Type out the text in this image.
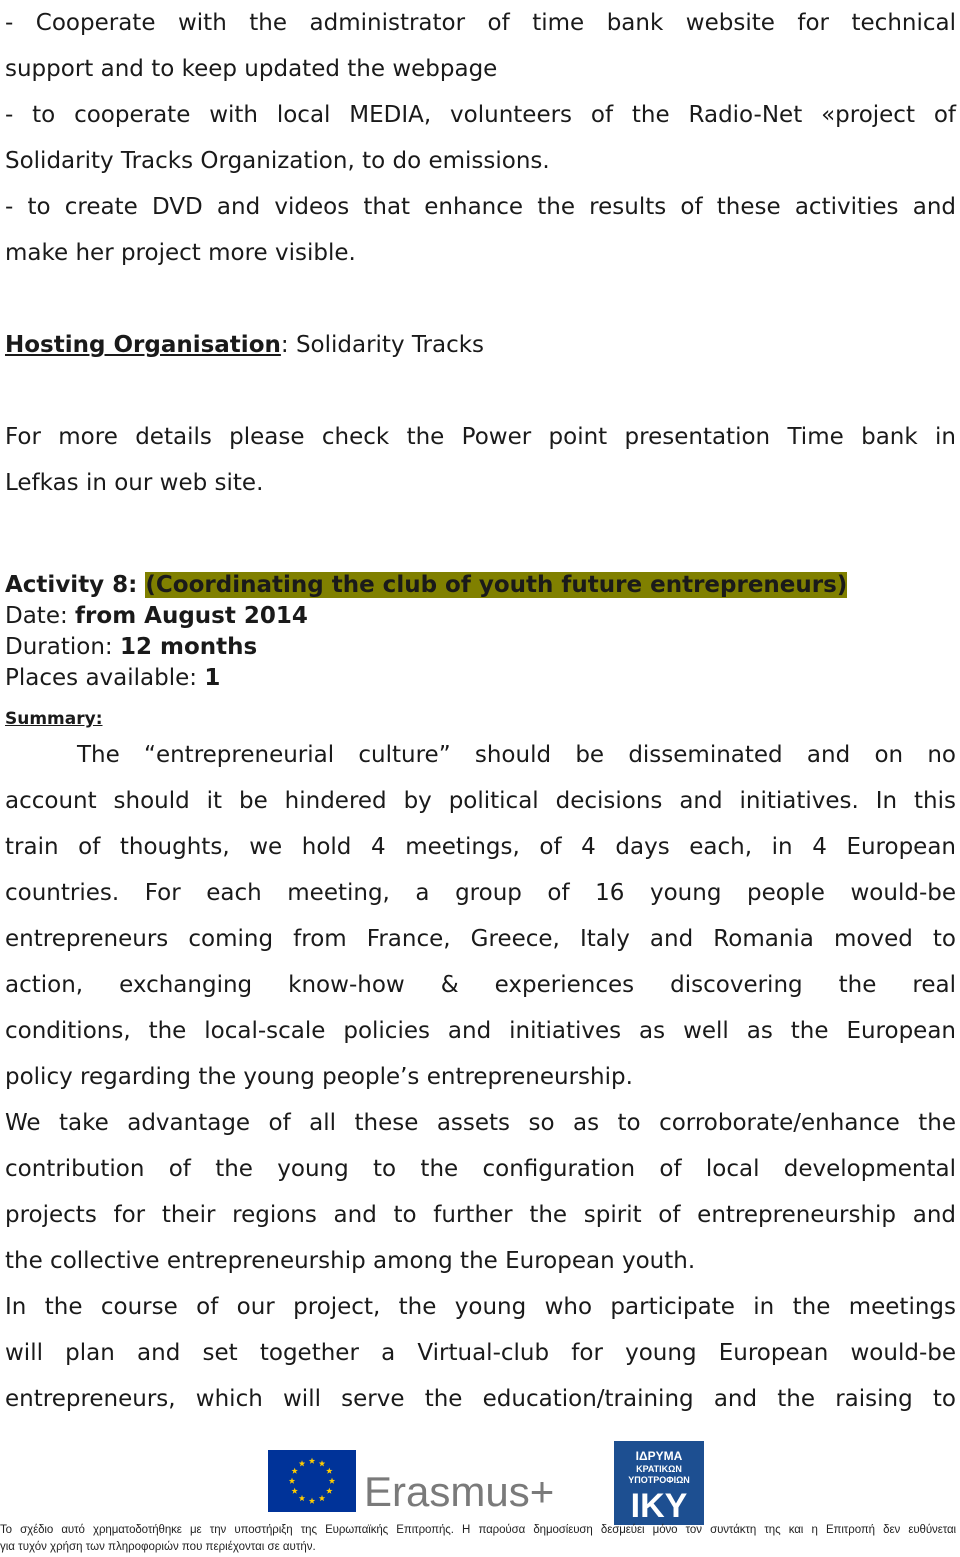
- Cooperate with the administrator of time bank website for technical
support and to keep updated the webpage
- to cooperate with local MEDIA, volunteers of the Radio-Net «project of
Solidarity Tracks Organization, to do emissions.
- to create DVD and videos that enhance the results of these activities and
make her project more visible.
Hosting Organisation: Solidarity Tracks
For more details please check the Power point presentation Time bank in
Lefkas in our web site.
Activity 8: (Coordinating the club of youth future entrepreneurs)
Date: from August 2014
Duration: 12 months
Places available: 1
Summary:
The “entrepreneurial culture” should be disseminated and on no
account should it be hindered by political decisions and initiatives. In this
train of thoughts, we hold 4 meetings, of 4 days each, in 4 European
countries. For each meeting, a group of 16 young people would-be
entrepreneurs coming from France, Greece, Italy and Romania moved to
action, exchanging know-how & experiences discovering the real
conditions, the local-scale policies and initiatives as well as the European
policy regarding the young people’s entrepreneurship.
We take advantage of all these assets so as to corroborate/enhance the
contribution of the young to the configuration of local developmental
projects for their regions and to further the spirit of entrepreneurship and
the collective entrepreneurship among the European youth.
In the course of our project, the young who participate in the meetings
will plan and set together a Virtual-club for young European would-be
entrepreneurs, which will serve the education/training and the raising to
Erasmus+
ΙΔΡΥΜΑ
ΚΡΑΤΙΚΩΝ
ΥΠΟΤΡΟΦΙΩΝ
IKY
Το σχέδιο αυτό χρηματοδοτήθηκε με την υποστήριξη της Ευρωπαϊκής Επιτροπής. Η παρούσα δημοσίευση δεσμεύει μόνο τον συντάκτη της και η Επιτροπή δεν ευθύνεται
για τυχόν χρήση των πληροφοριών που περιέχονται σε αυτήν.
